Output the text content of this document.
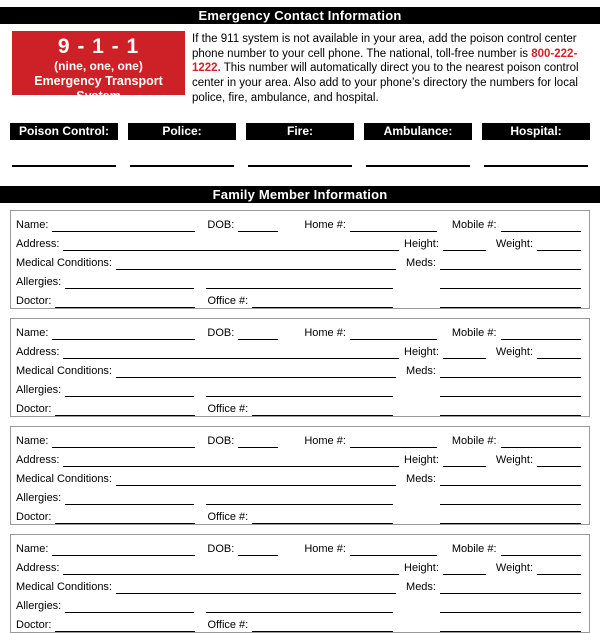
Emergency Contact Information
9 - 1 - 1
(nine, one, one)
Emergency Transport System

If the 911 system is not available in your area, add the poison control center phone number to your cell phone. The national, toll-free number is 800-222-1222. This number will automatically direct you to the nearest poison control center in your area. Also add to your phone’s directory the numbers for local police, fire, ambulance, and hospital.

Poison Control:	Police:	Fire:	Ambulance:	Hospital:
Family Member Information
Name:	DOB:	Home #:	Mobile #:
Address:	Height:	Weight:
Medical Conditions:	Meds:
Allergies:
Doctor:	Office #:
Name:	DOB:	Home #:	Mobile #:
Address:	Height:	Weight:
Medical Conditions:	Meds:
Allergies:
Doctor:	Office #:
Name:	DOB:	Home #:	Mobile #:
Address:	Height:	Weight:
Medical Conditions:	Meds:
Allergies:
Doctor:	Office #:
Name:	DOB:	Home #:	Mobile #:
Address:	Height:	Weight:
Medical Conditions:	Meds:
Allergies:
Doctor:	Office #:
